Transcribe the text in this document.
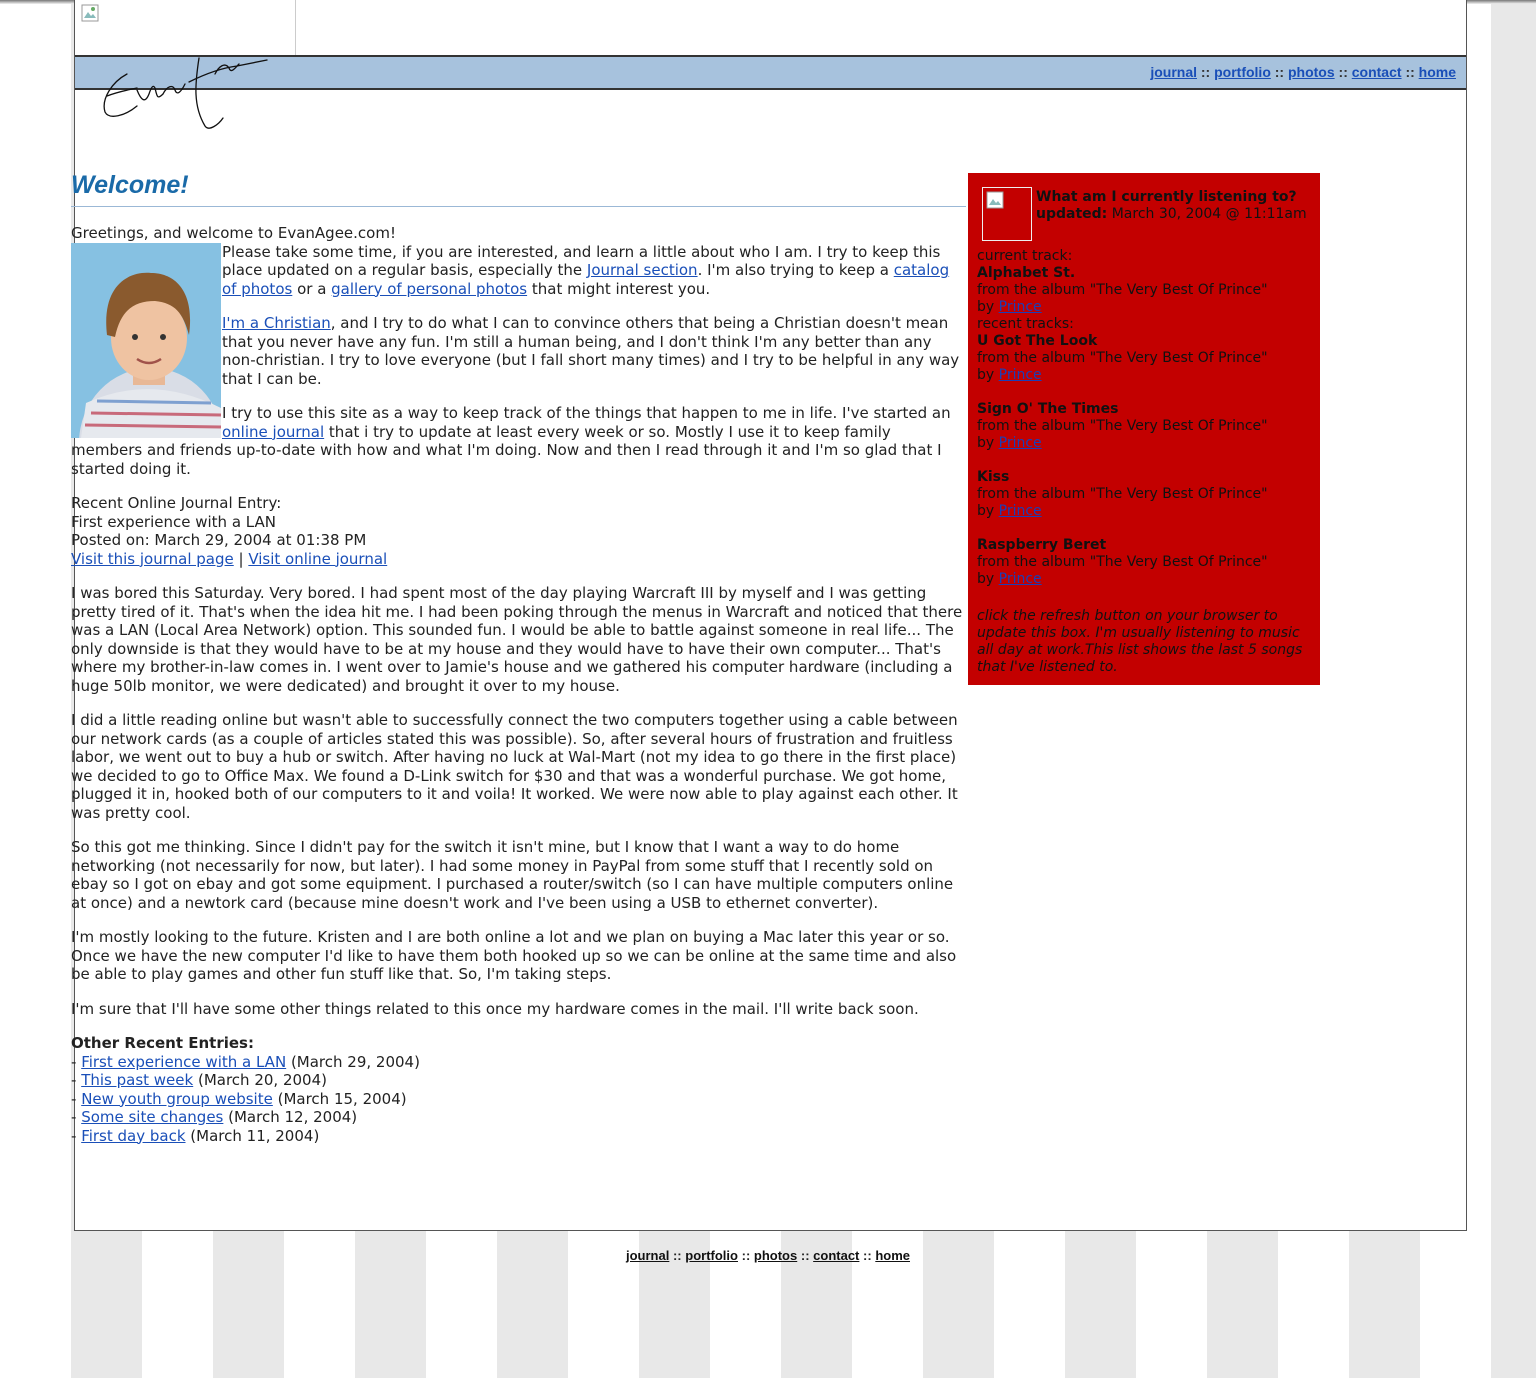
journal :: portfolio :: photos :: contact :: home
Welcome!

Greetings, and welcome to EvanAgee.com!

Please take some time, if you are interested, and learn a little about who I am. I try to keep this place updated on a regular basis, especially the Journal section. I'm also trying to keep a catalog of photos or a gallery of personal photos that might interest you.

I'm a Christian, and I try to do what I can to convince others that being a Christian doesn't mean that you never have any fun. I'm still a human being, and I don't think I'm any better than any non-christian. I try to love everyone (but I fall short many times) and I try to be helpful in any way that I can be.

I try to use this site as a way to keep track of the things that happen to me in life. I've started an online journal that i try to update at least every week or so. Mostly I use it to keep family members and friends up-to-date with how and what I'm doing. Now and then I read through it and I'm so glad that I started doing it.

Recent Online Journal Entry:

First experience with a LAN

Posted on: March 29, 2004 at 01:38 PM

Visit this journal page | Visit online journal

I was bored this Saturday. Very bored. I had spent most of the day playing Warcraft III by myself and I was getting pretty tired of it. That's when the idea hit me. I had been poking through the menus in Warcraft and noticed that there was a LAN (Local Area Network) option. This sounded fun. I would be able to battle against someone in real life... The only downside is that they would have to be at my house and they would have to have their own computer... That's where my brother-in-law comes in. I went over to Jamie's house and we gathered his computer hardware (including a huge 50lb monitor, we were dedicated) and brought it over to my house.

I did a little reading online but wasn't able to successfully connect the two computers together using a cable between our network cards (as a couple of articles stated this was possible). So, after several hours of frustration and fruitless labor, we went out to buy a hub or switch. After having no luck at Wal-Mart (not my idea to go there in the first place) we decided to go to Office Max. We found a D-Link switch for $30 and that was a wonderful purchase. We got home, plugged it in, hooked both of our computers to it and voila! It worked. We were now able to play against each other. It was pretty cool.

So this got me thinking. Since I didn't pay for the switch it isn't mine, but I know that I want a way to do home networking (not necessarily for now, but later). I had some money in PayPal from some stuff that I recently sold on ebay so I got on ebay and got some equipment. I purchased a router/switch (so I can have multiple computers online at once) and a newtork card (because mine doesn't work and I've been using a USB to ethernet converter).

I'm mostly looking to the future. Kristen and I are both online a lot and we plan on buying a Mac later this year or so. Once we have the new computer I'd like to have them both hooked up so we can be online at the same time and also be able to play games and other fun stuff like that. So, I'm taking steps.

I'm sure that I'll have some other things related to this once my hardware comes in the mail. I'll write back soon.

Other Recent Entries:

- First experience with a LAN (March 29, 2004)

- This past week (March 20, 2004)

- New youth group website (March 15, 2004)

- Some site changes (March 12, 2004)

- First day back (March 11, 2004)

What am I currently listening to?
updated: March 30, 2004 @ 11:11am
current track:
Alphabet St.
from the album "The Very Best Of Prince"
by Prince
recent tracks:
U Got The Look
from the album "The Very Best Of Prince"
by Prince
Sign O' The Times
from the album "The Very Best Of Prince"
by Prince
Kiss
from the album "The Very Best Of Prince"
by Prince
Raspberry Beret
from the album "The Very Best Of Prince"
by Prince
click the refresh button on your browser to update this box. I'm usually listening to music all day at work.This list shows the last 5 songs that I've listened to.
journal :: portfolio :: photos :: contact :: home
